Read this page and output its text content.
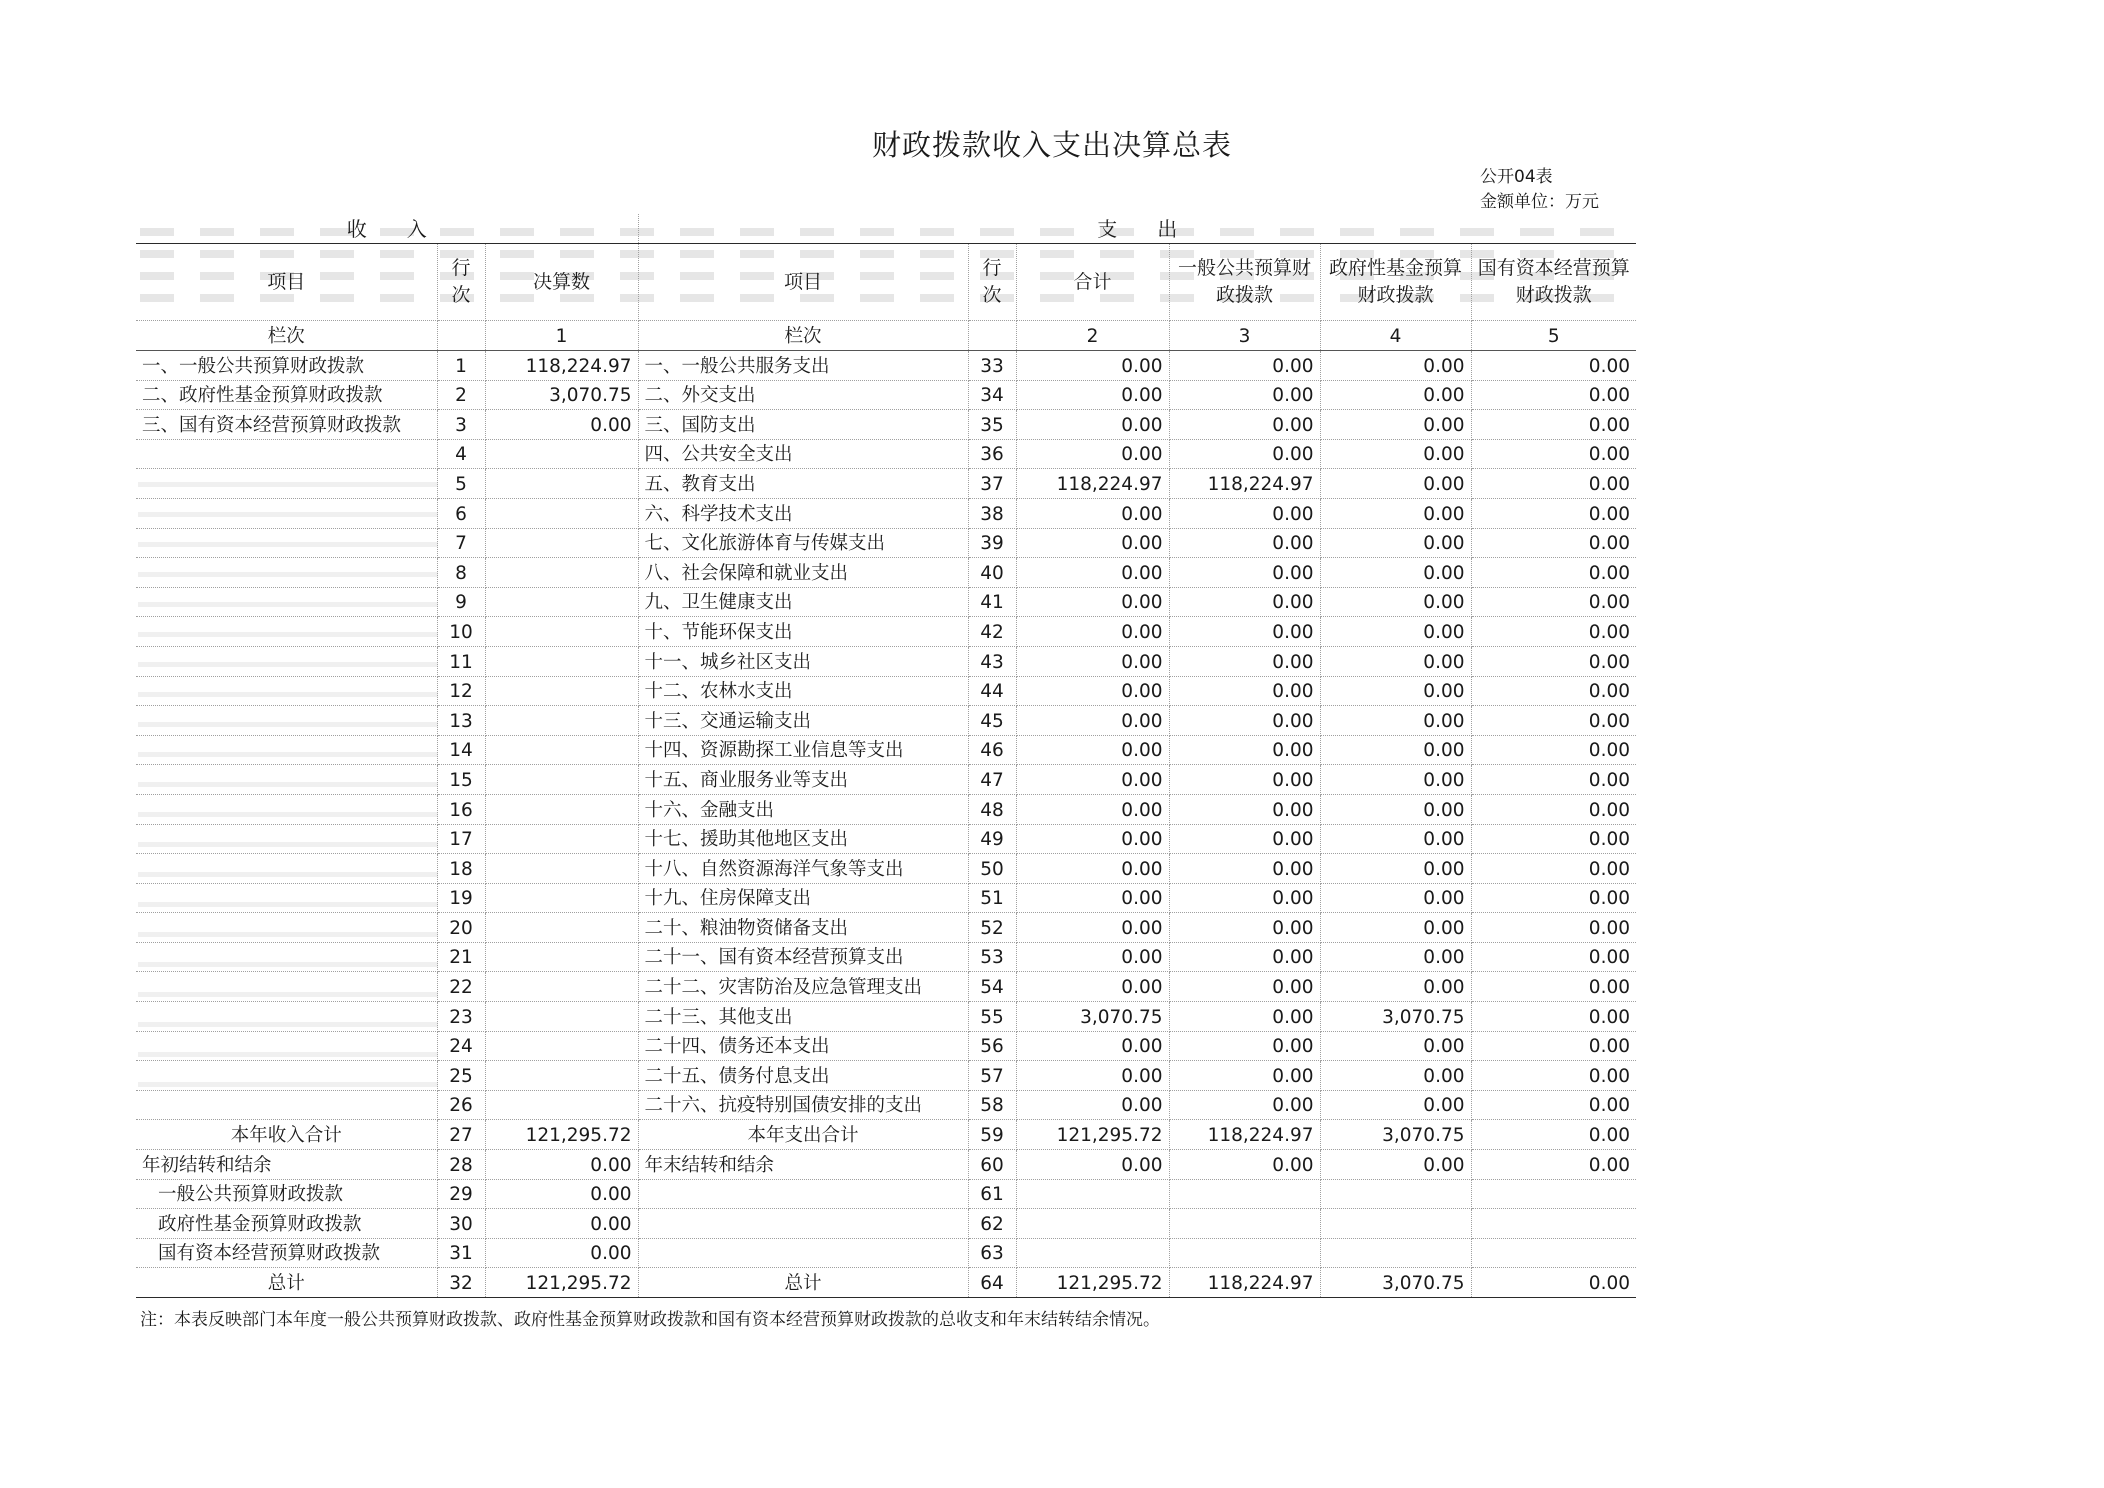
财政拨款收入支出决算总表
公开04表
金额单位：万元
收　　入			支　　出					
项目	行次	决算数	项目	行次	合计	一般公共预算财政拨款	政府性基金预算财政拨款	国有资本经营预算财政拨款
栏次		1	栏次		2	3	4	5
一、一般公共预算财政拨款	1	118,224.97	一、一般公共服务支出	33	0.00	0.00	0.00	0.00
二、政府性基金预算财政拨款	2	3,070.75	二、外交支出	34	0.00	0.00	0.00	0.00
三、国有资本经营预算财政拨款	3	0.00	三、国防支出	35	0.00	0.00	0.00	0.00
	4		四、公共安全支出	36	0.00	0.00	0.00	0.00
	5		五、教育支出	37	118,224.97	118,224.97	0.00	0.00
	6		六、科学技术支出	38	0.00	0.00	0.00	0.00
	7		七、文化旅游体育与传媒支出	39	0.00	0.00	0.00	0.00
	8		八、社会保障和就业支出	40	0.00	0.00	0.00	0.00
	9		九、卫生健康支出	41	0.00	0.00	0.00	0.00
	10		十、节能环保支出	42	0.00	0.00	0.00	0.00
	11		十一、城乡社区支出	43	0.00	0.00	0.00	0.00
	12		十二、农林水支出	44	0.00	0.00	0.00	0.00
	13		十三、交通运输支出	45	0.00	0.00	0.00	0.00
	14		十四、资源勘探工业信息等支出	46	0.00	0.00	0.00	0.00
	15		十五、商业服务业等支出	47	0.00	0.00	0.00	0.00
	16		十六、金融支出	48	0.00	0.00	0.00	0.00
	17		十七、援助其他地区支出	49	0.00	0.00	0.00	0.00
	18		十八、自然资源海洋气象等支出	50	0.00	0.00	0.00	0.00
	19		十九、住房保障支出	51	0.00	0.00	0.00	0.00
	20		二十、粮油物资储备支出	52	0.00	0.00	0.00	0.00
	21		二十一、国有资本经营预算支出	53	0.00	0.00	0.00	0.00
	22		二十二、灾害防治及应急管理支出	54	0.00	0.00	0.00	0.00
	23		二十三、其他支出	55	3,070.75	0.00	3,070.75	0.00
	24		二十四、债务还本支出	56	0.00	0.00	0.00	0.00
	25		二十五、债务付息支出	57	0.00	0.00	0.00	0.00
	26		二十六、抗疫特别国债安排的支出	58	0.00	0.00	0.00	0.00
本年收入合计	27	121,295.72	本年支出合计	59	121,295.72	118,224.97	3,070.75	0.00
年初结转和结余	28	0.00	年末结转和结余	60	0.00	0.00	0.00	0.00
一般公共预算财政拨款	29	0.00		61				
政府性基金预算财政拨款	30	0.00		62				
国有资本经营预算财政拨款	31	0.00		63				
总计	32	121,295.72	总计	64	121,295.72	118,224.97	3,070.75	0.00
注：本表反映部门本年度一般公共预算财政拨款、政府性基金预算财政拨款和国有资本经营预算财政拨款的总收支和年末结转结余情况。
